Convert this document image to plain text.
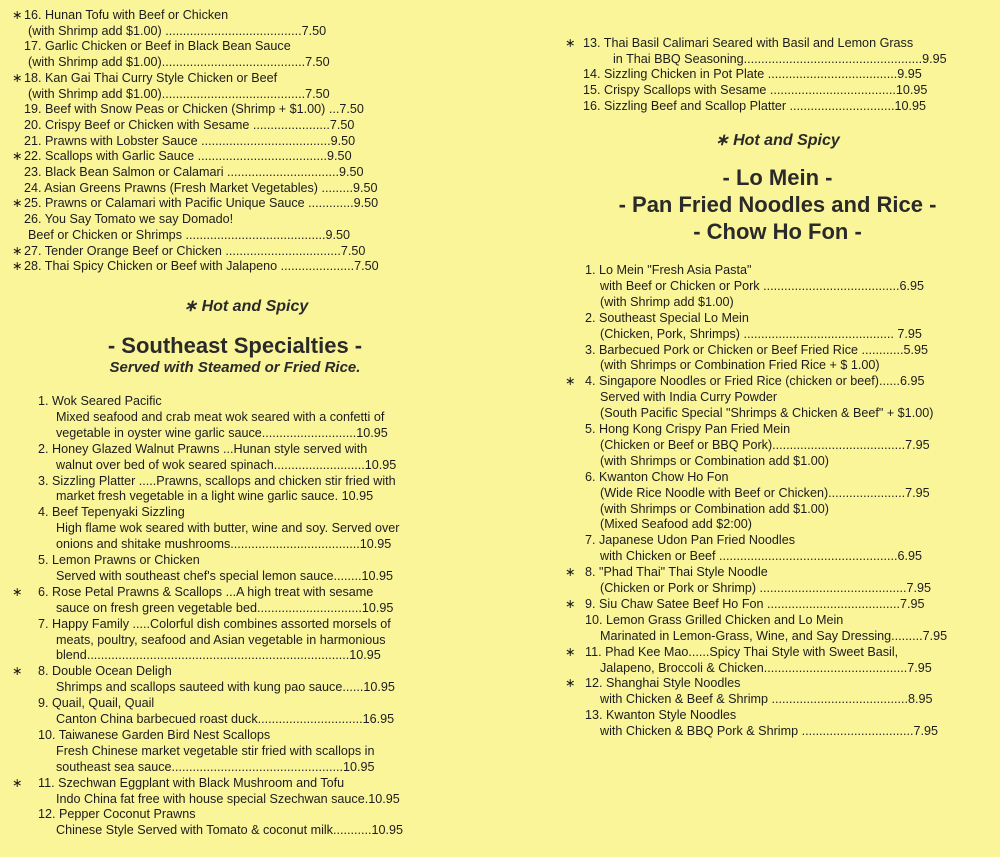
∗ 16. Hunan Tofu with Beef or Chicken
(with Shrimp add $1.00) .......................................7.50
17. Garlic Chicken or Beef in Black Bean Sauce
(with Shrimp add $1.00).........................................7.50
∗ 18. Kan Gai Thai Curry Style Chicken or Beef
(with Shrimp add $1.00).........................................7.50
19. Beef with Snow Peas or Chicken (Shrimp + $1.00) ...7.50
20. Crispy Beef or Chicken with Sesame ......................7.50
21. Prawns with Lobster Sauce .....................................9.50
∗ 22. Scallops with Garlic Sauce .....................................9.50
23. Black Bean Salmon or Calamari ................................9.50
24. Asian Greens Prawns (Fresh Market Vegetables) .........9.50
∗ 25. Prawns or Calamari with Pacific Unique Sauce .............9.50
26. You Say Tomato we say Domado!
Beef or Chicken or Shrimps ........................................9.50
∗ 27. Tender Orange Beef or Chicken .................................7.50
∗ 28. Thai Spicy Chicken or Beef with Jalapeno .....................7.50
∗ Hot and Spicy
- Southeast Specialties -
Served with Steamed or Fried Rice.
1. Wok Seared Pacific
Mixed seafood and crab meat wok seared with a confetti of
vegetable in oyster wine garlic sauce...........................10.95
2. Honey Glazed Walnut Prawns ...Hunan style served with
walnut over bed of wok seared spinach..........................10.95
3. Sizzling Platter .....Prawns, scallops and chicken stir fried with
market fresh vegetable in a light wine garlic sauce. 10.95
4. Beef Tepenyaki Sizzling
High flame wok seared with butter, wine and soy. Served over
onions and shitake mushrooms.....................................10.95
5. Lemon Prawns or Chicken
Served with southeast chef's special lemon sauce........10.95
∗ 6. Rose Petal Prawns & Scallops ...A high treat with sesame
sauce on fresh green vegetable bed..............................10.95
7. Happy Family .....Colorful dish combines assorted morsels of
meats, poultry, seafood and Asian vegetable in harmonious
blend...........................................................................10.95
∗ 8. Double Ocean Deligh
Shrimps and scallops sauteed with kung pao sauce......10.95
9. Quail, Quail, Quail
Canton China barbecued roast duck..............................16.95
10. Taiwanese Garden Bird Nest Scallops
Fresh Chinese market vegetable stir fried with scallops in
southeast sea sauce.................................................10.95
∗ 11. Szechwan Eggplant with Black Mushroom and Tofu
Indo China fat free with house special Szechwan sauce.10.95
12. Pepper Coconut Prawns
Chinese Style Served with Tomato & coconut milk...........10.95
∗ 13. Thai Basil Calimari Seared with Basil and Lemon Grass
in Thai BBQ Seasoning...................................................9.95
14. Sizzling Chicken in Pot Plate .....................................9.95
15. Crispy Scallops with Sesame ....................................10.95
16. Sizzling Beef and Scallop Platter ..............................10.95
∗ Hot and Spicy
- Lo Mein -
- Pan Fried Noodles and Rice -
- Chow Ho Fon -
1. Lo Mein "Fresh Asia Pasta"
with Beef or Chicken or Pork .......................................6.95
(with Shrimp add $1.00)
2. Southeast Special Lo Mein
(Chicken, Pork, Shrimps) ........................................... 7.95
3. Barbecued Pork or Chicken or Beef Fried Rice ............5.95
(with Shrimps or Combination Fried Rice + $ 1.00)
∗ 4. Singapore Noodles or Fried Rice (chicken or beef)......6.95
Served with India Curry Powder
(South Pacific Special "Shrimps & Chicken & Beef" + $1.00)
5. Hong Kong Crispy Pan Fried Mein
(Chicken or Beef or BBQ Pork)......................................7.95
(with Shrimps or Combination add $1.00)
6. Kwanton Chow Ho Fon
(Wide Rice Noodle with Beef or Chicken)......................7.95
(with Shrimps or Combination add $1.00)
(Mixed Seafood add $2:00)
7. Japanese Udon Pan Fried Noodles
with Chicken or Beef ...................................................6.95
∗ 8. "Phad Thai" Thai Style Noodle
(Chicken or Pork or Shrimp) ..........................................7.95
∗ 9. Siu Chaw Satee Beef Ho Fon ......................................7.95
10. Lemon Grass Grilled Chicken and Lo Mein
Marinated in Lemon-Grass, Wine, and Say Dressing.........7.95
∗ 11. Phad Kee Mao......Spicy Thai Style with Sweet Basil,
Jalapeno, Broccoli & Chicken.........................................7.95
∗ 12. Shanghai Style Noodles
with Chicken & Beef & Shrimp .......................................8.95
13. Kwanton Style Noodles
with Chicken & BBQ Pork & Shrimp ................................7.95
